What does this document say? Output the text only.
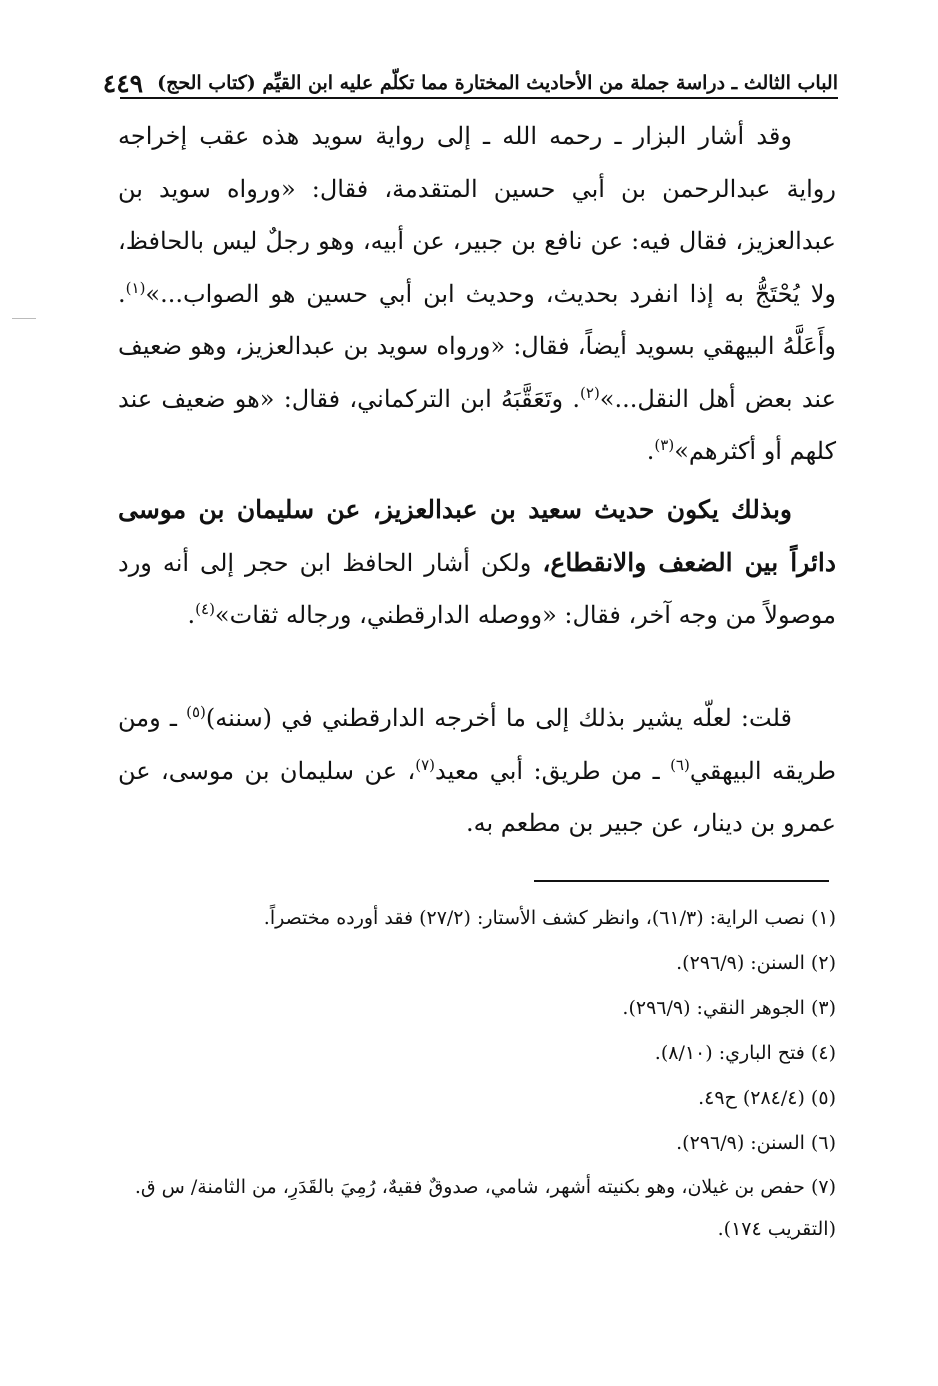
الباب الثالث ـ دراسة جملة من الأحاديث المختارة مما تكلّم عليه ابن القيِّم (كتاب الحج)
٤٤٩

وقد أشار البزار ـ رحمه الله ـ إلى رواية سويد هذه عقب إخراجه رواية عبدالرحمن بن أبي حسين المتقدمة، فقال: «ورواه سويد بن عبدالعزيز، فقال فيه: عن نافع بن جبير، عن أبيه، وهو رجلٌ ليس بالحافظ، ولا يُحْتَجُّ به إذا انفرد بحديث، وحديث ابن أبي حسين هو الصواب...»$^{(١)}$. وأَعَلَّهُ البيهقي بسويد أيضاً، فقال: «ورواه سويد بن عبدالعزيز، وهو ضعيف عند بعض أهل النقل...»$^{(٢)}$. وتَعَقَّبَهُ ابن التركماني، فقال: «هو ضعيف عند كلهم أو أكثرهم»$^{(٣)}$.

وبذلك يكون حديث سعيد بن عبدالعزيز، عن سليمان بن موسى دائراً بين الضعف والانقطاع، ولكن أشار الحافظ ابن حجر إلى أنه ورد موصولاً من وجه آخر، فقال: «ووصله الدارقطني، ورجاله ثقات»$^{(٤)}$.

قلت: لعلّه يشير بذلك إلى ما أخرجه الدارقطني في (سننه)$^{(٥)}$ ـ ومن طريقه البيهقي$^{(٦)}$ ـ من طريق: أبي معيد$^{(٧)}$، عن سليمان بن موسى، عن عمرو بن دينار، عن جبير بن مطعم به.

(١) نصب الراية: (٦١/٣)، وانظر كشف الأستار: (٢٧/٢) فقد أورده مختصراً.

(٢) السنن: (٢٩٦/٩).

(٣) الجوهر النقي: (٢٩٦/٩).

(٤) فتح الباري: (٨/١٠).

(٥) (٢٨٤/٤) ح٤٩.

(٦) السنن: (٢٩٦/٩).

(٧) حفص بن غيلان، وهو بكنيته أشهر، شامي، صدوقٌ فقيهٌ، رُمِيَ بالقَدَرِ، من الثامنة/ س ق. (التقريب ١٧٤).
